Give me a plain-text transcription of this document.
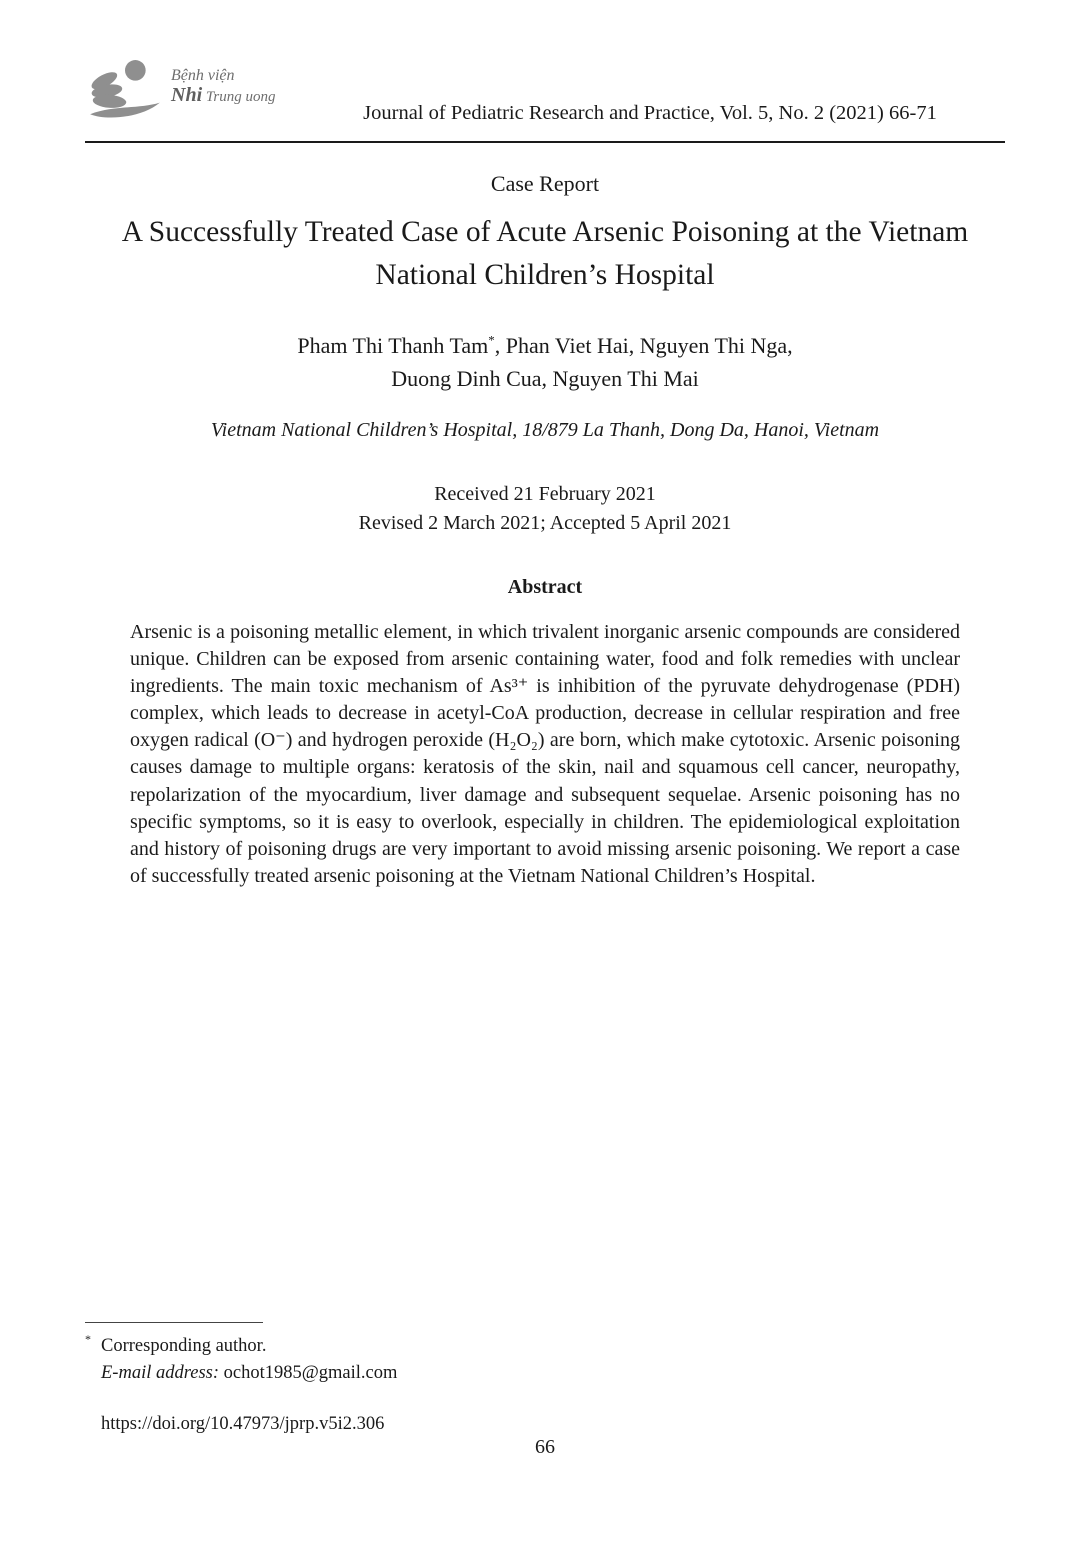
Bệnh viện
Nhi Trung uong
Journal of Pediatric Research and Practice, Vol. 5, No. 2 (2021) 66-71
Case Report
A Successfully Treated Case of Acute Arsenic Poisoning at the Vietnam National Children’s Hospital
Pham Thi Thanh Tam*, Phan Viet Hai, Nguyen Thi Nga,
Duong Dinh Cua, Nguyen Thi Mai
Vietnam National Children’s Hospital, 18/879 La Thanh, Dong Da, Hanoi, Vietnam
Received 21 February 2021
Revised 2 March 2021; Accepted 5 April 2021
Abstract

Arsenic is a poisoning metallic element, in which trivalent inorganic arsenic compounds are considered unique. Children can be exposed from arsenic containing water, food and folk remedies with unclear ingredients. The main toxic mechanism of As³⁺ is inhibition of the pyruvate dehydrogenase (PDH) complex, which leads to decrease in acetyl-CoA production, decrease in cellular respiration and free oxygen radical (O⁻) and hydrogen peroxide (H₂O₂) are born, which make cytotoxic. Arsenic poisoning causes damage to multiple organs: keratosis of the skin, nail and squamous cell cancer, neuropathy, repolarization of the myocardium, liver damage and subsequent sequelae. Arsenic poisoning has no specific symptoms, so it is easy to overlook, especially in children. The epidemiological exploitation and history of poisoning drugs are very important to avoid missing arsenic poisoning. We report a case of successfully treated arsenic poisoning at the Vietnam National Children’s Hospital.

* Corresponding author.
E-mail address: ochot1985@gmail.com
https://doi.org/10.47973/jprp.v5i2.306
66
